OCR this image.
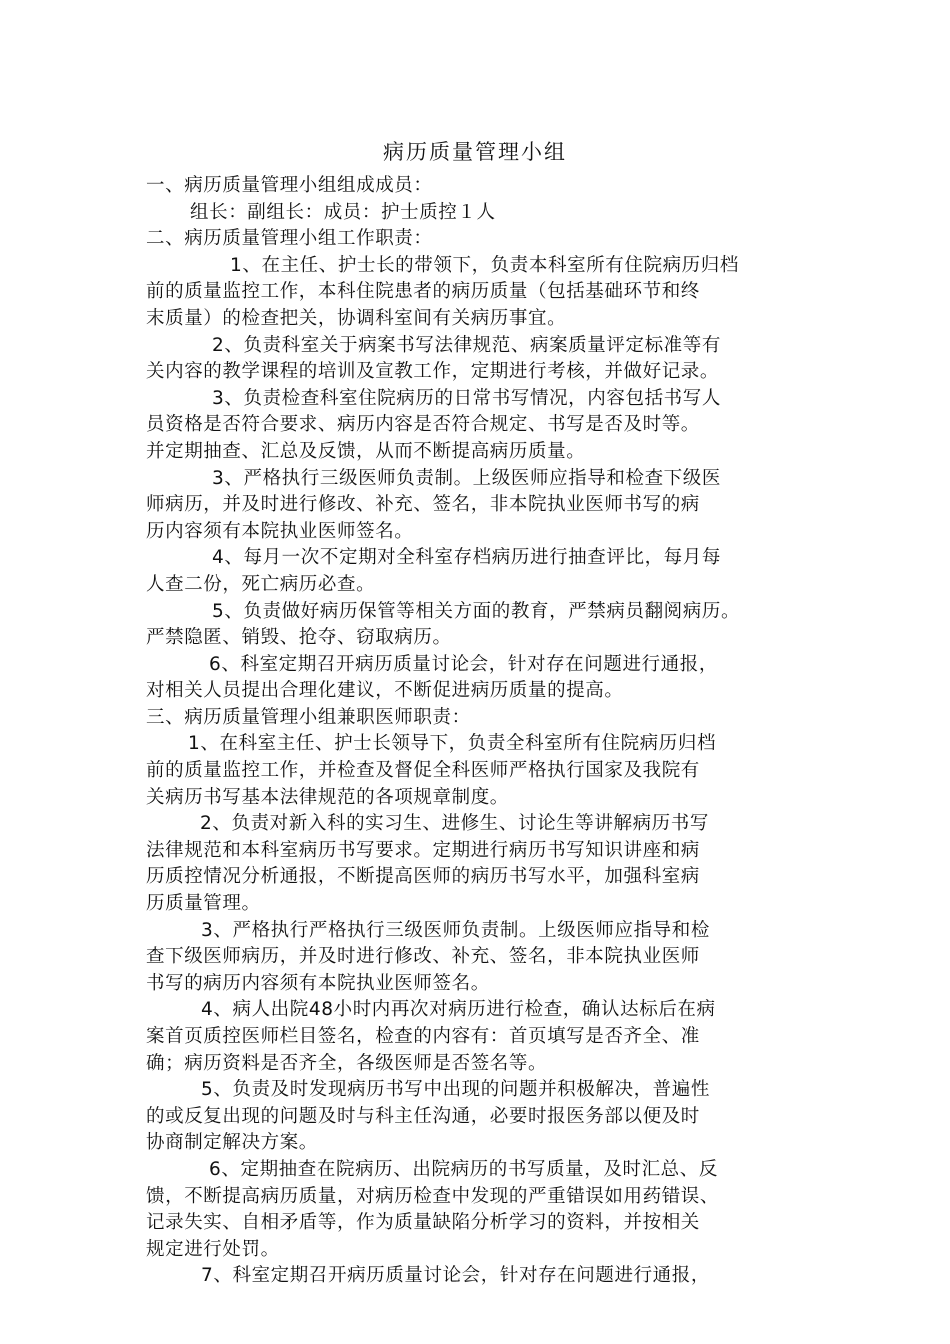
病历质量管理小组
一、病历质量管理小组组成成员：
组长：副组长：成员：护士质控１人
二、病历质量管理小组工作职责：
1、在主任、护士长的带领下，负责本科室所有住院病历归档
前的质量监控工作，本科住院患者的病历质量（包括基础环节和终
末质量）的检查把关，协调科室间有关病历事宜。
2、负责科室关于病案书写法律规范、病案质量评定标准等有
关内容的教学课程的培训及宣教工作，定期进行考核，并做好记录。
3、负责检查科室住院病历的日常书写情况，内容包括书写人
员资格是否符合要求、病历内容是否符合规定、书写是否及时等。
并定期抽查、汇总及反馈，从而不断提高病历质量。
3、严格执行三级医师负责制。上级医师应指导和检查下级医
师病历，并及时进行修改、补充、签名，非本院执业医师书写的病
历内容须有本院执业医师签名。
4、每月一次不定期对全科室存档病历进行抽查评比，每月每
人查二份，死亡病历必查。
5、负责做好病历保管等相关方面的教育，严禁病员翻阅病历。
严禁隐匿、销毁、抢夺、窃取病历。
6、科室定期召开病历质量讨论会，针对存在问题进行通报，
对相关人员提出合理化建议，不断促进病历质量的提高。
三、病历质量管理小组兼职医师职责：
1、在科室主任、护士长领导下，负责全科室所有住院病历归档
前的质量监控工作，并检查及督促全科医师严格执行国家及我院有
关病历书写基本法律规范的各项规章制度。
2、负责对新入科的实习生、进修生、讨论生等讲解病历书写
法律规范和本科室病历书写要求。定期进行病历书写知识讲座和病
历质控情况分析通报，不断提高医师的病历书写水平，加强科室病
历质量管理。
3、严格执行严格执行三级医师负责制。上级医师应指导和检
查下级医师病历，并及时进行修改、补充、签名，非本院执业医师
书写的病历内容须有本院执业医师签名。
4、病人出院48小时内再次对病历进行检查，确认达标后在病
案首页质控医师栏目签名，检查的内容有：首页填写是否齐全、准
确；病历资料是否齐全，各级医师是否签名等。
5、负责及时发现病历书写中出现的问题并积极解决，普遍性
的或反复出现的问题及时与科主任沟通，必要时报医务部以便及时
协商制定解决方案。
6、定期抽查在院病历、出院病历的书写质量，及时汇总、反
馈，不断提高病历质量，对病历检查中发现的严重错误如用药错误、
记录失实、自相矛盾等，作为质量缺陷分析学习的资料，并按相关
规定进行处罚。
7、科室定期召开病历质量讨论会，针对存在问题进行通报，
